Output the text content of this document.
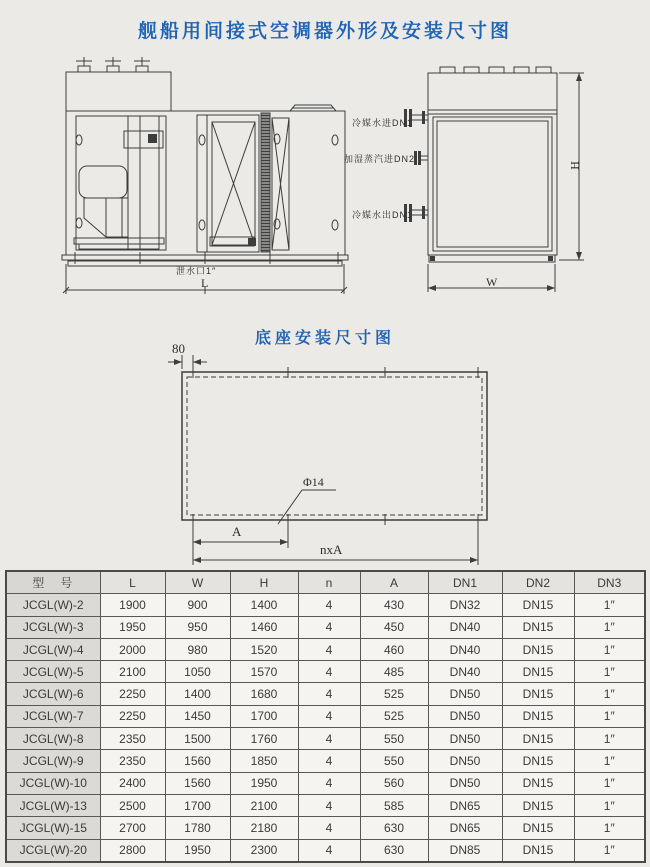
舰船用间接式空调器外形及安装尺寸图
冷媒水进DN1
加湿蒸汽进DN2
冷媒水出DN1
泄水口1″
L
H
W
底座安装尺寸图
80
Φ14
A
nxA
型　号	L	W	H	n	A	DN1	DN2	DN3
JCGL(W)-2	1900	900	1400	4	430	DN32	DN15	1″
JCGL(W)-3	1950	950	1460	4	450	DN40	DN15	1″
JCGL(W)-4	2000	980	1520	4	460	DN40	DN15	1″
JCGL(W)-5	2100	1050	1570	4	485	DN40	DN15	1″
JCGL(W)-6	2250	1400	1680	4	525	DN50	DN15	1″
JCGL(W)-7	2250	1450	1700	4	525	DN50	DN15	1″
JCGL(W)-8	2350	1500	1760	4	550	DN50	DN15	1″
JCGL(W)-9	2350	1560	1850	4	550	DN50	DN15	1″
JCGL(W)-10	2400	1560	1950	4	560	DN50	DN15	1″
JCGL(W)-13	2500	1700	2100	4	585	DN65	DN15	1″
JCGL(W)-15	2700	1780	2180	4	630	DN65	DN15	1″
JCGL(W)-20	2800	1950	2300	4	630	DN85	DN15	1″
